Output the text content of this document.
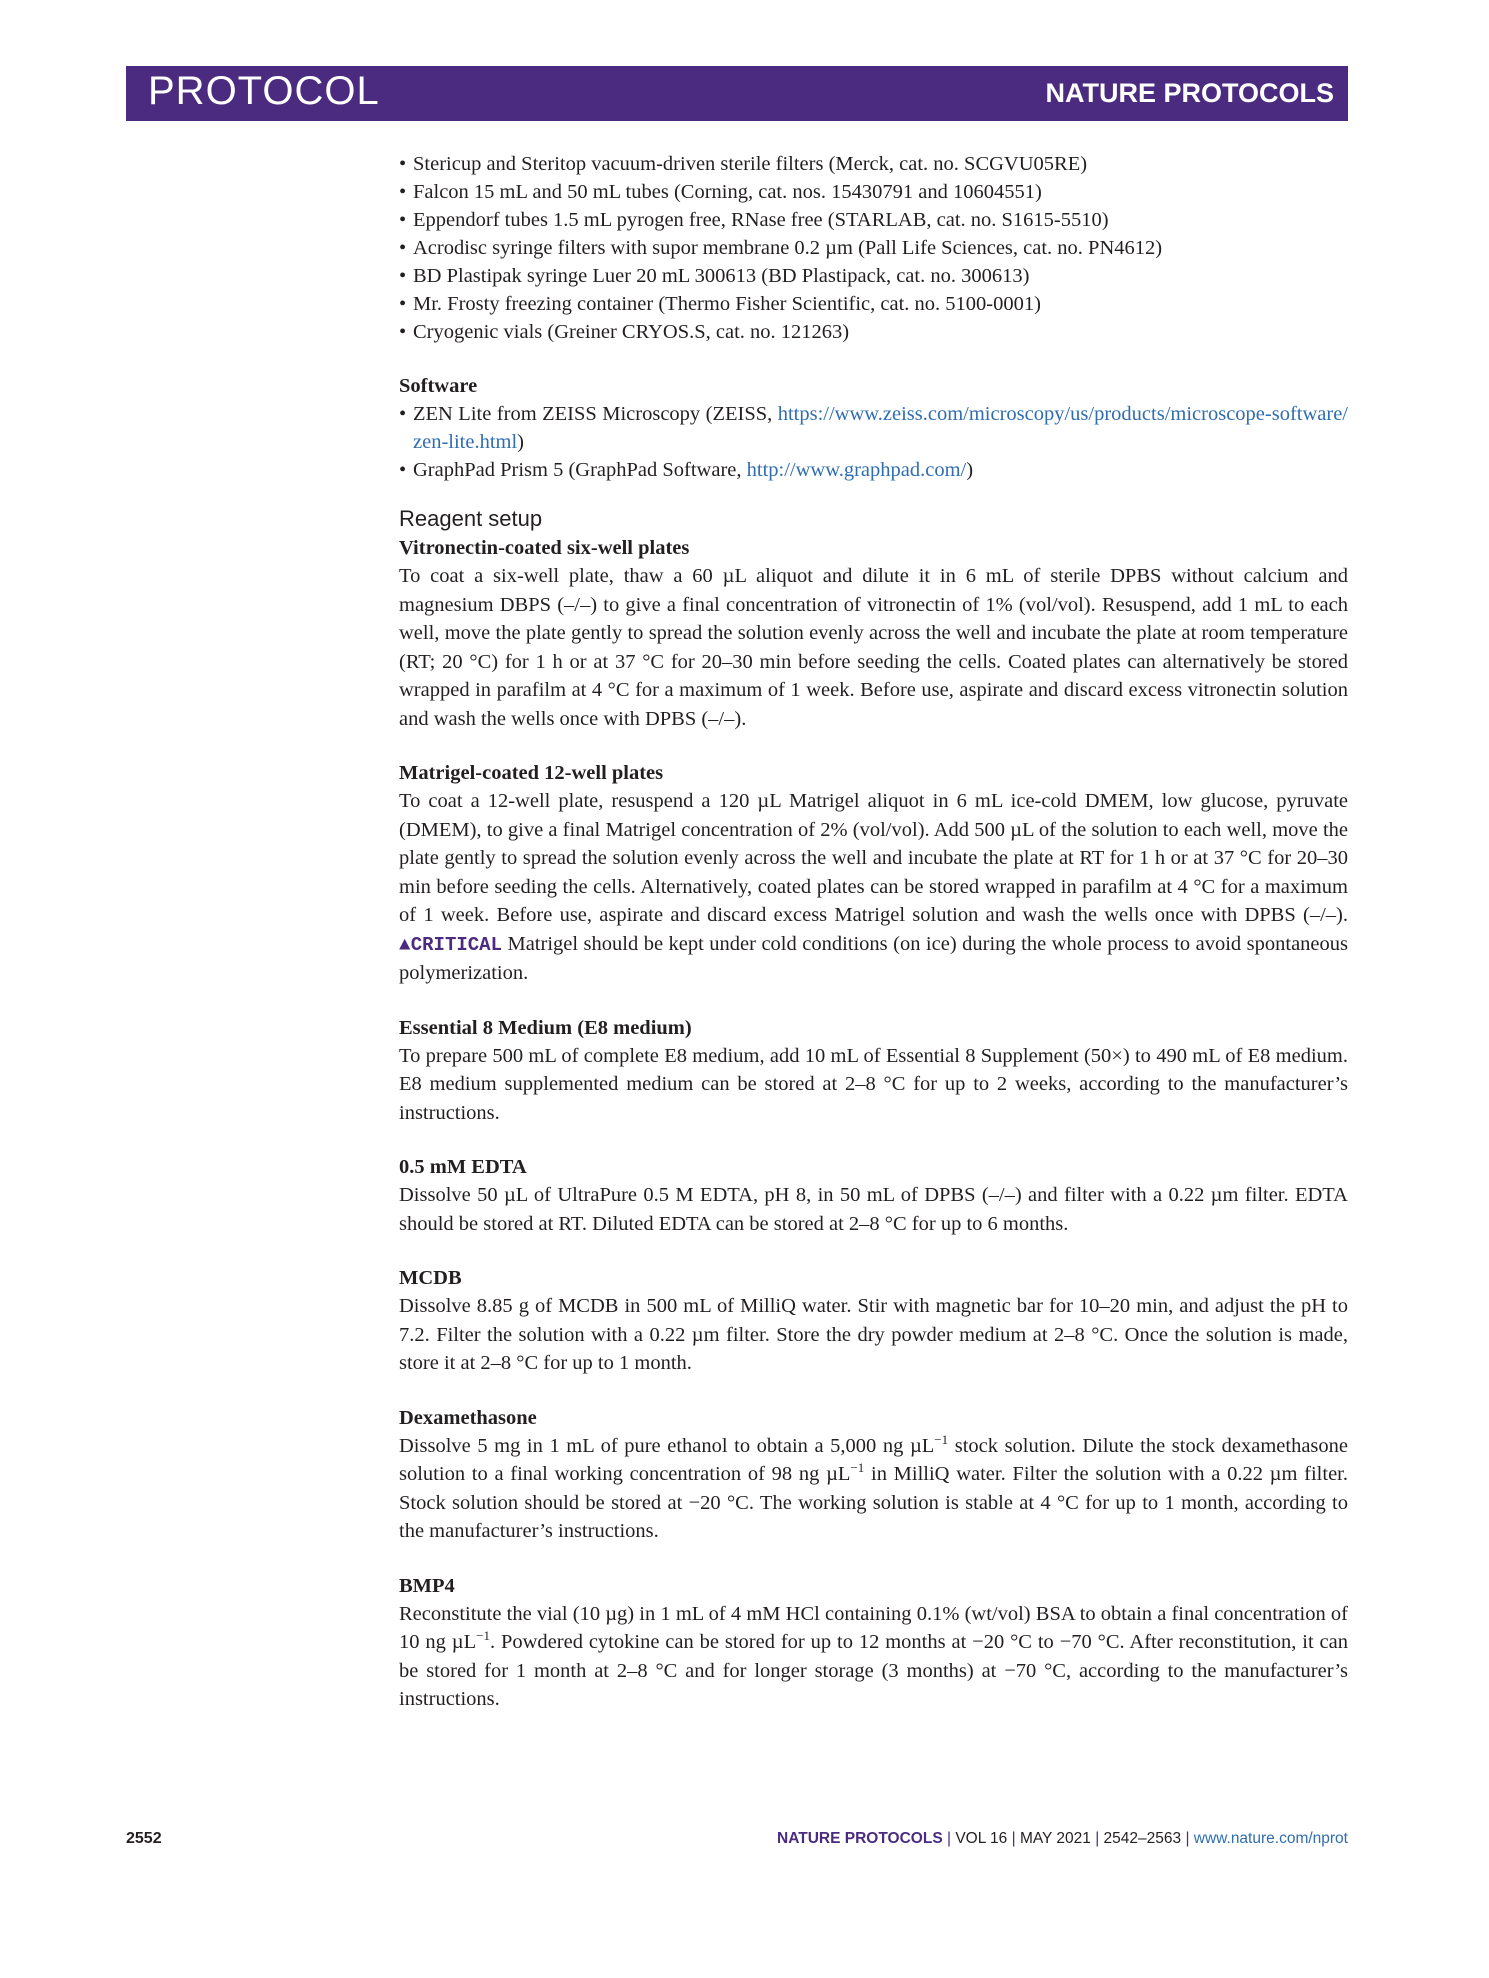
PROTOCOL	NATURE PROTOCOLS
• Stericup and Steritop vacuum-driven sterile filters (Merck, cat. no. SCGVU05RE)
• Falcon 15 mL and 50 mL tubes (Corning, cat. nos. 15430791 and 10604551)
• Eppendorf tubes 1.5 mL pyrogen free, RNase free (STARLAB, cat. no. S1615-5510)
• Acrodisc syringe filters with supor membrane 0.2 µm (Pall Life Sciences, cat. no. PN4612)
• BD Plastipak syringe Luer 20 mL 300613 (BD Plastipack, cat. no. 300613)
• Mr. Frosty freezing container (Thermo Fisher Scientific, cat. no. 5100-0001)
• Cryogenic vials (Greiner CRYOS.S, cat. no. 121263)
Software
• ZEN Lite from ZEISS Microscopy (ZEISS, https://www.zeiss.com/microscopy/us/products/microscope-software/zen-lite.html)
• GraphPad Prism 5 (GraphPad Software, http://www.graphpad.com/)
Reagent setup
Vitronectin-coated six-well plates

To coat a six-well plate, thaw a 60 µL aliquot and dilute it in 6 mL of sterile DPBS without calcium and magnesium DBPS (–/–) to give a final concentration of vitronectin of 1% (vol/vol). Resuspend, add 1 mL to each well, move the plate gently to spread the solution evenly across the well and incubate the plate at room temperature (RT; 20 °C) for 1 h or at 37 °C for 20–30 min before seeding the cells. Coated plates can alternatively be stored wrapped in parafilm at 4 °C for a maximum of 1 week. Before use, aspirate and discard excess vitronectin solution and wash the wells once with DPBS (–/–).

Matrigel-coated 12-well plates

To coat a 12-well plate, resuspend a 120 µL Matrigel aliquot in 6 mL ice-cold DMEM, low glucose, pyruvate (DMEM), to give a final Matrigel concentration of 2% (vol/vol). Add 500 µL of the solution to each well, move the plate gently to spread the solution evenly across the well and incubate the plate at RT for 1 h or at 37 °C for 20–30 min before seeding the cells. Alternatively, coated plates can be stored wrapped in parafilm at 4 °C for a maximum of 1 week. Before use, aspirate and discard excess Matrigel solution and wash the wells once with DPBS (–/–). ▲CRITICAL Matrigel should be kept under cold conditions (on ice) during the whole process to avoid spontaneous polymerization.

Essential 8 Medium (E8 medium)

To prepare 500 mL of complete E8 medium, add 10 mL of Essential 8 Supplement (50×) to 490 mL of E8 medium. E8 medium supplemented medium can be stored at 2–8 °C for up to 2 weeks, according to the manufacturer’s instructions.

0.5 mM EDTA

Dissolve 50 µL of UltraPure 0.5 M EDTA, pH 8, in 50 mL of DPBS (–/–) and filter with a 0.22 µm filter. EDTA should be stored at RT. Diluted EDTA can be stored at 2–8 °C for up to 6 months.

MCDB

Dissolve 8.85 g of MCDB in 500 mL of MilliQ water. Stir with magnetic bar for 10–20 min, and adjust the pH to 7.2. Filter the solution with a 0.22 µm filter. Store the dry powder medium at 2–8 °C. Once the solution is made, store it at 2–8 °C for up to 1 month.

Dexamethasone

Dissolve 5 mg in 1 mL of pure ethanol to obtain a 5,000 ng µL$^{-1}$ stock solution. Dilute the stock dexamethasone solution to a final working concentration of 98 ng µL$^{-1}$ in MilliQ water. Filter the solution with a 0.22 µm filter. Stock solution should be stored at −20 °C. The working solution is stable at 4 °C for up to 1 month, according to the manufacturer’s instructions.

BMP4

Reconstitute the vial (10 µg) in 1 mL of 4 mM HCl containing 0.1% (wt/vol) BSA to obtain a final concentration of 10 ng µL$^{-1}$. Powdered cytokine can be stored for up to 12 months at −20 °C to −70 °C. After reconstitution, it can be stored for 1 month at 2–8 °C and for longer storage (3 months) at −70 °C, according to the manufacturer’s instructions.

2552	NATURE PROTOCOLS | VOL 16 | MAY 2021 | 2542–2563 | www.nature.com/nprot
